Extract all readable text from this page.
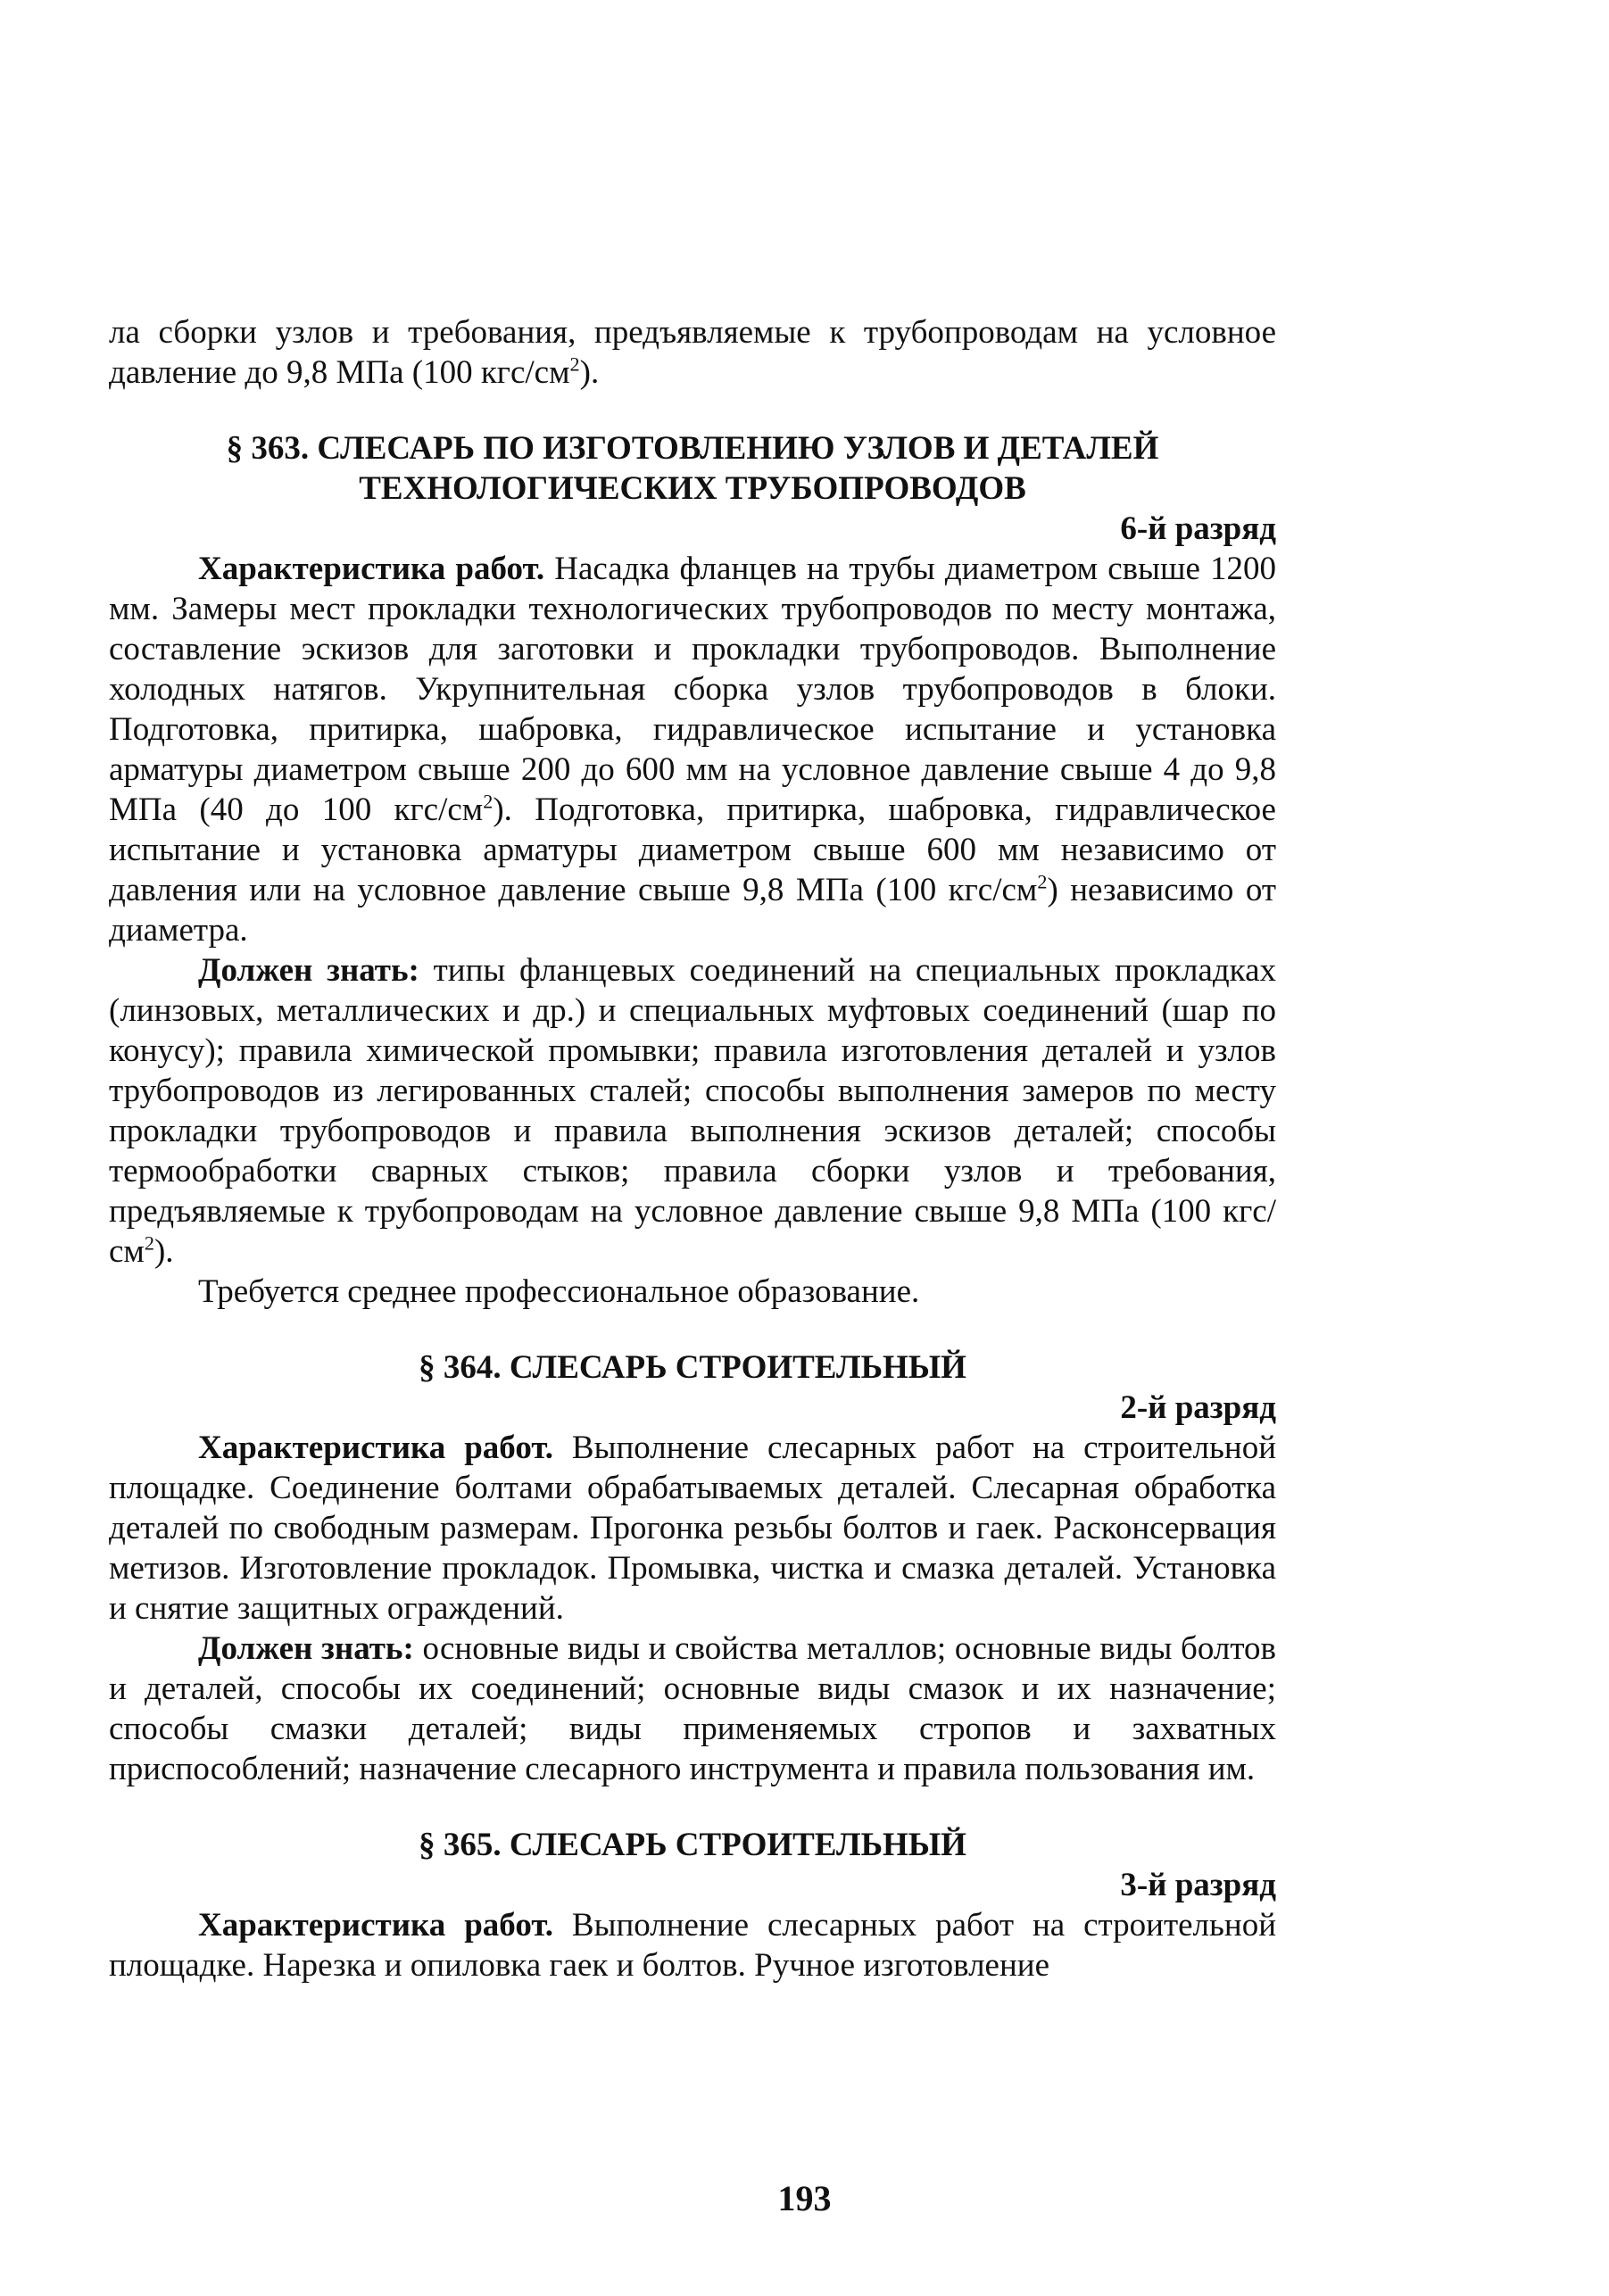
ла сборки узлов и требования, предъявляемые к трубопроводам на условное давление до 9,8 МПа (100 кгс/$см^2$).

§ 363. СЛЕСАРЬ ПО ИЗГОТОВЛЕНИЮ УЗЛОВ И ДЕТАЛЕЙ
ТЕХНОЛОГИЧЕСКИХ ТРУБОПРОВОДОВ
6-й разряд

Характеристика работ. Насадка фланцев на трубы диаметром свыше 1200 мм. Замеры мест прокладки технологических трубопроводов по месту монтажа, составление эскизов для заготовки и прокладки трубопроводов. Выполнение холодных натягов. Укрупнительная сборка узлов трубопроводов в блоки. Подготовка, притирка, шабровка, гидравлическое испытание и установка арматуры диаметром свыше 200 до 600 мм на условное давление свыше 4 до 9,8 МПа (40 до 100 кгс/$см^2$). Подготовка, притирка, шабровка, гидравлическое испытание и установка арматуры диаметром свыше 600 мм независимо от давления или на условное давление свыше 9,8 МПа (100 кгс/$см^2$) независимо от диаметра.

Должен знать: типы фланцевых соединений на специальных прокладках (линзовых, металлических и др.) и специальных муфтовых соединений (шар по конусу); правила химической промывки; правила изготовления деталей и узлов трубопроводов из легированных сталей; способы выполнения замеров по месту прокладки трубопроводов и правила выполнения эскизов деталей; способы термообработки сварных стыков; правила сборки узлов и требования, предъявляемые к трубопроводам на условное давление свыше 9,8 МПа (100 кгс/$см^2$).

Требуется среднее профессиональное образование.

§ 364. СЛЕСАРЬ СТРОИТЕЛЬНЫЙ
2-й разряд

Характеристика работ. Выполнение слесарных работ на строительной площадке. Соединение болтами обрабатываемых деталей. Слесарная обработка деталей по свободным размерам. Прогонка резьбы болтов и гаек. Расконсервация метизов. Изготовление прокладок. Промывка, чистка и смазка деталей. Установка и снятие защитных ограждений.

Должен знать: основные виды и свойства металлов; основные виды болтов и деталей, способы их соединений; основные виды смазок и их назначение; способы смазки деталей; виды применяемых стропов и захватных приспособлений; назначение слесарного инструмента и правила пользования им.

§ 365. СЛЕСАРЬ СТРОИТЕЛЬНЫЙ
3-й разряд

Характеристика работ. Выполнение слесарных работ на строительной площадке. Нарезка и опиловка гаек и болтов. Ручное изготовление

193
